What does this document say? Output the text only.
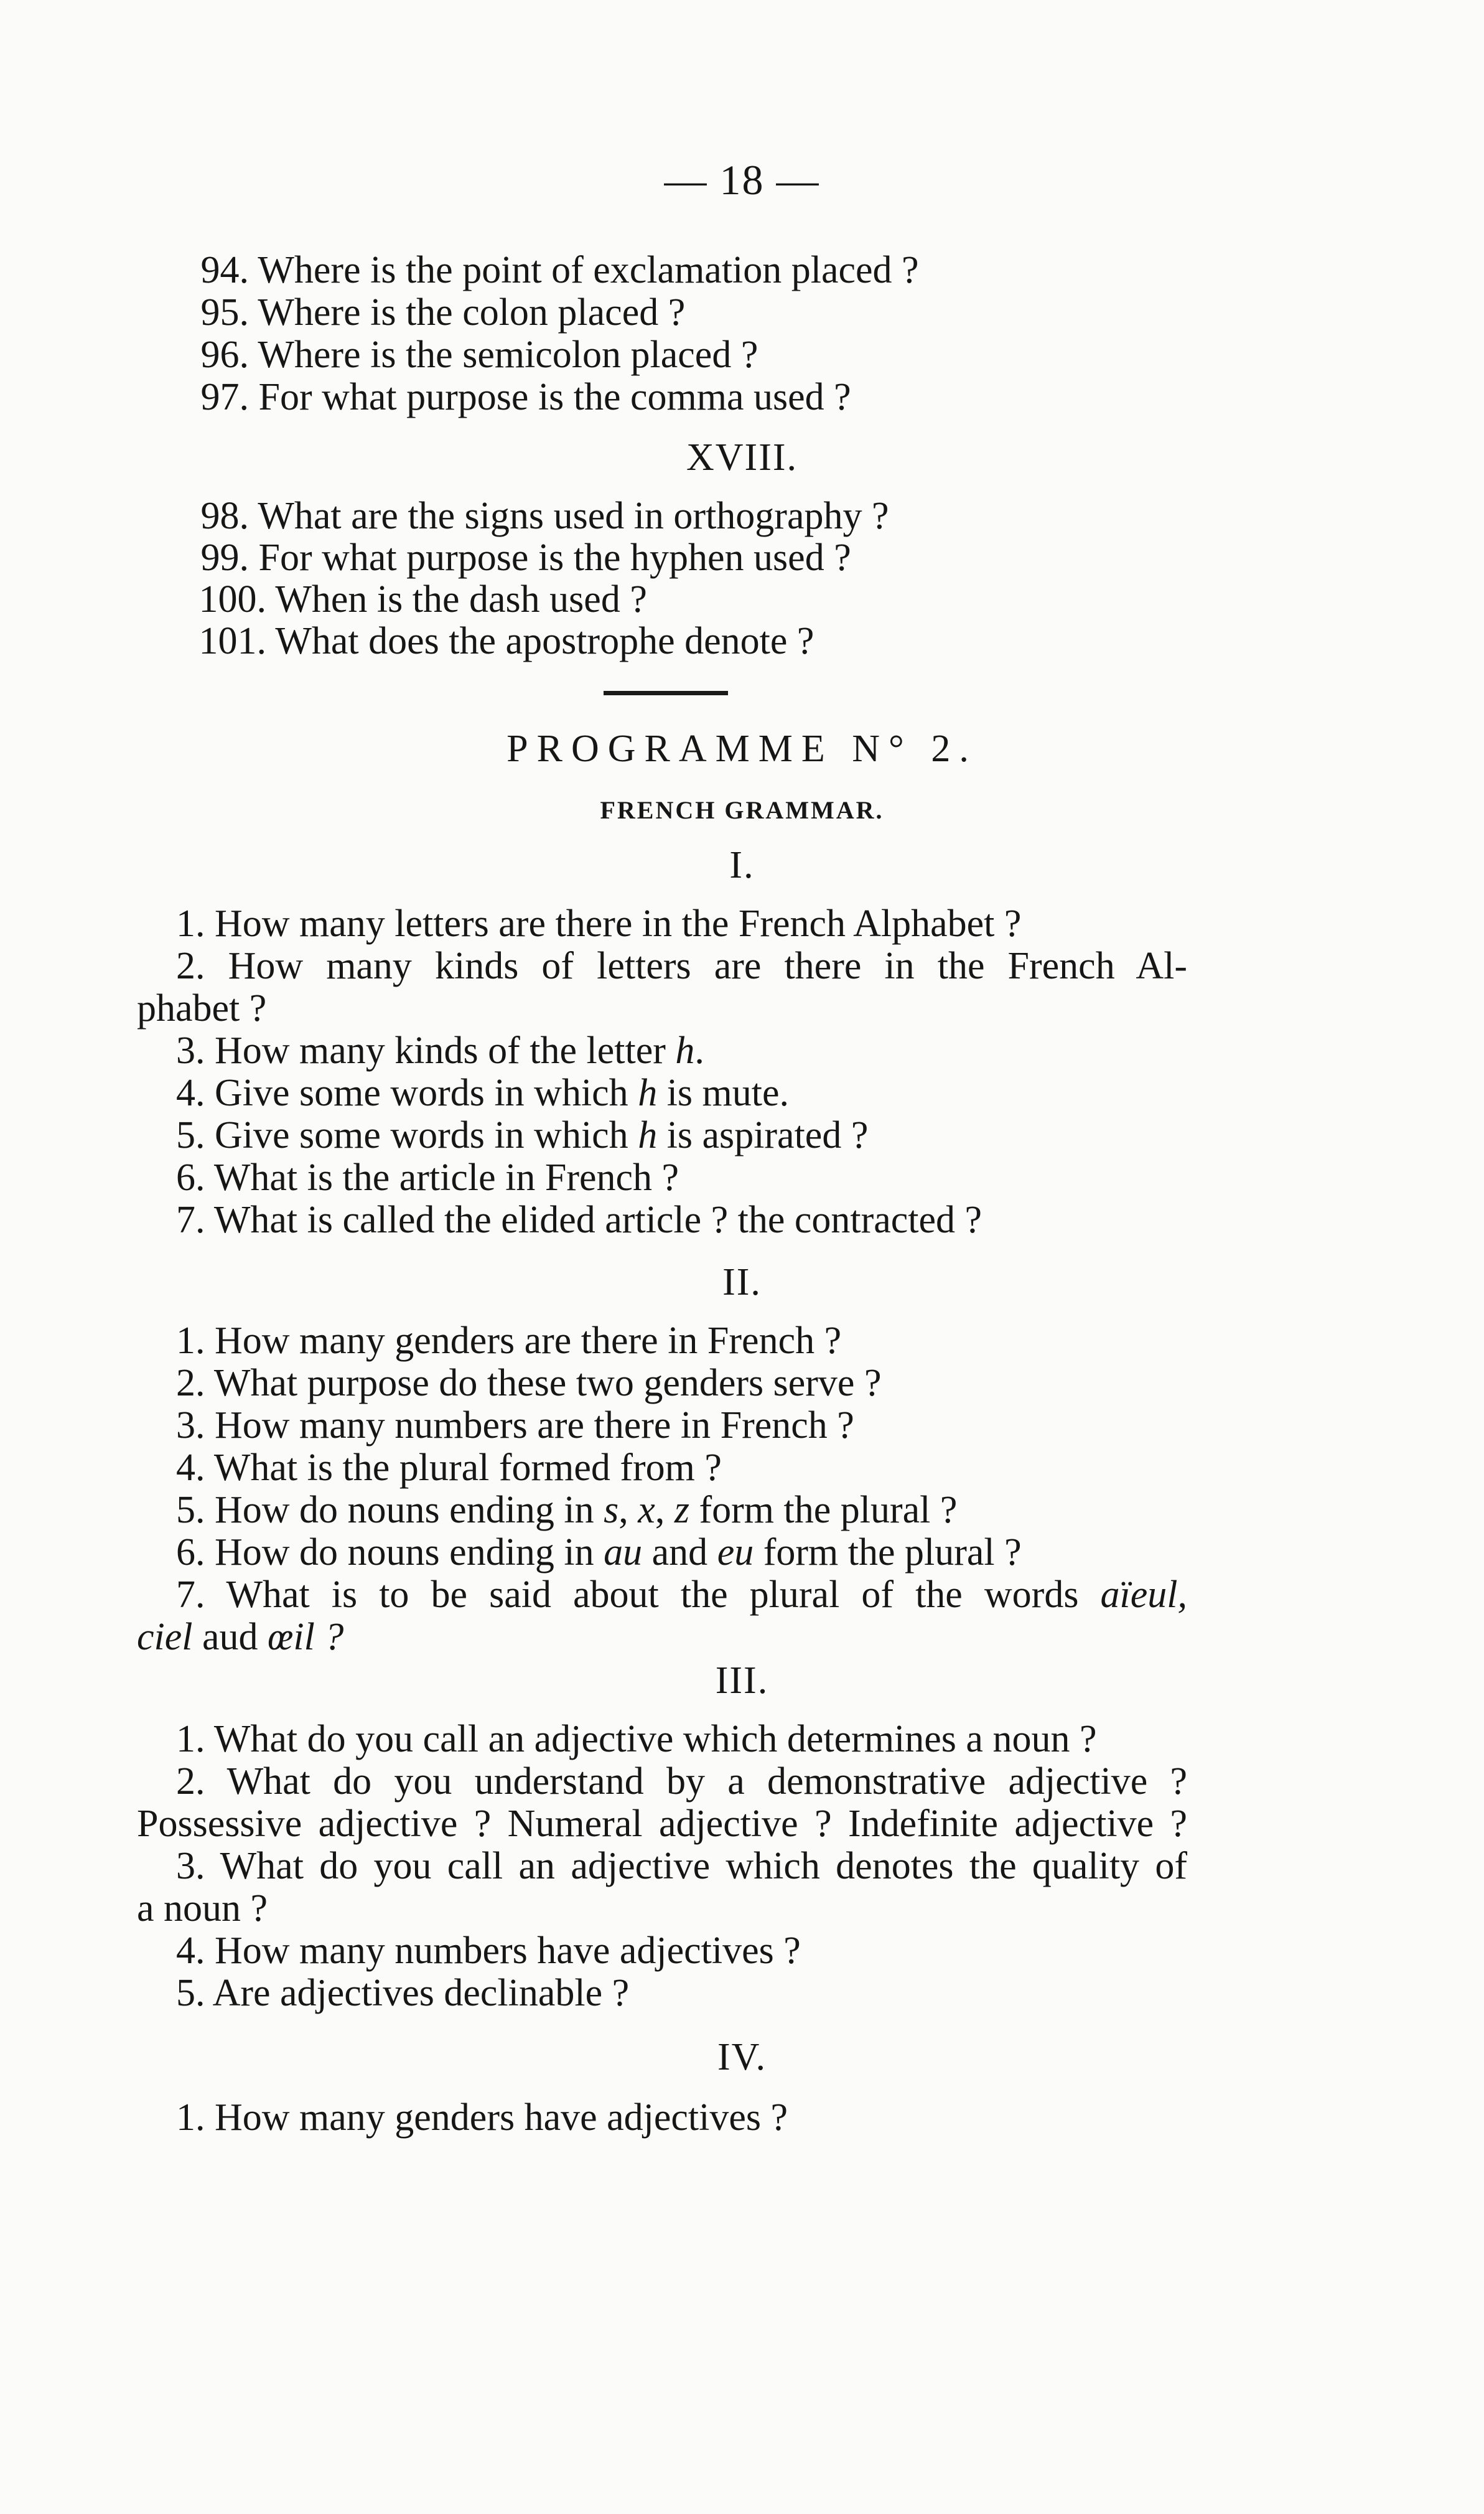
— 18 —
94. Where is the point of exclamation placed ?
95. Where is the colon placed ?
96. Where is the semicolon placed ?
97. For what purpose is the comma used ?
XVIII.
98. What are the signs used in orthography ?
99. For what purpose is the hyphen used ?
100. When is the dash used ?
101. What does the apostrophe denote ?
PROGRAMME N° 2.
FRENCH GRAMMAR.
I.
1. How many letters are there in the French Alphabet ?
2. How many kinds of letters are there in the French Al-
phabet ?
3. How many kinds of the letter h.
4. Give some words in which h is mute.
5. Give some words in which h is aspirated ?
6. What is the article in French ?
7. What is called the elided article ? the contracted ?
II.
1. How many genders are there in French ?
2. What purpose do these two genders serve ?
3. How many numbers are there in French ?
4. What is the plural formed from ?
5. How do nouns ending in s, x, z form the plural ?
6. How do nouns ending in au and eu form the plural ?
7. What is to be said about the plural of the words aïeul,
ciel aud œil ?
III.
1. What do you call an adjective which determines a noun ?
2. What do you understand by a demonstrative adjective ?
Possessive adjective ? Numeral adjective ? Indefinite adjective ?
3. What do you call an adjective which denotes the quality of
a noun ?
4. How many numbers have adjectives ?
5. Are adjectives declinable ?
IV.
1. How many genders have adjectives ?
